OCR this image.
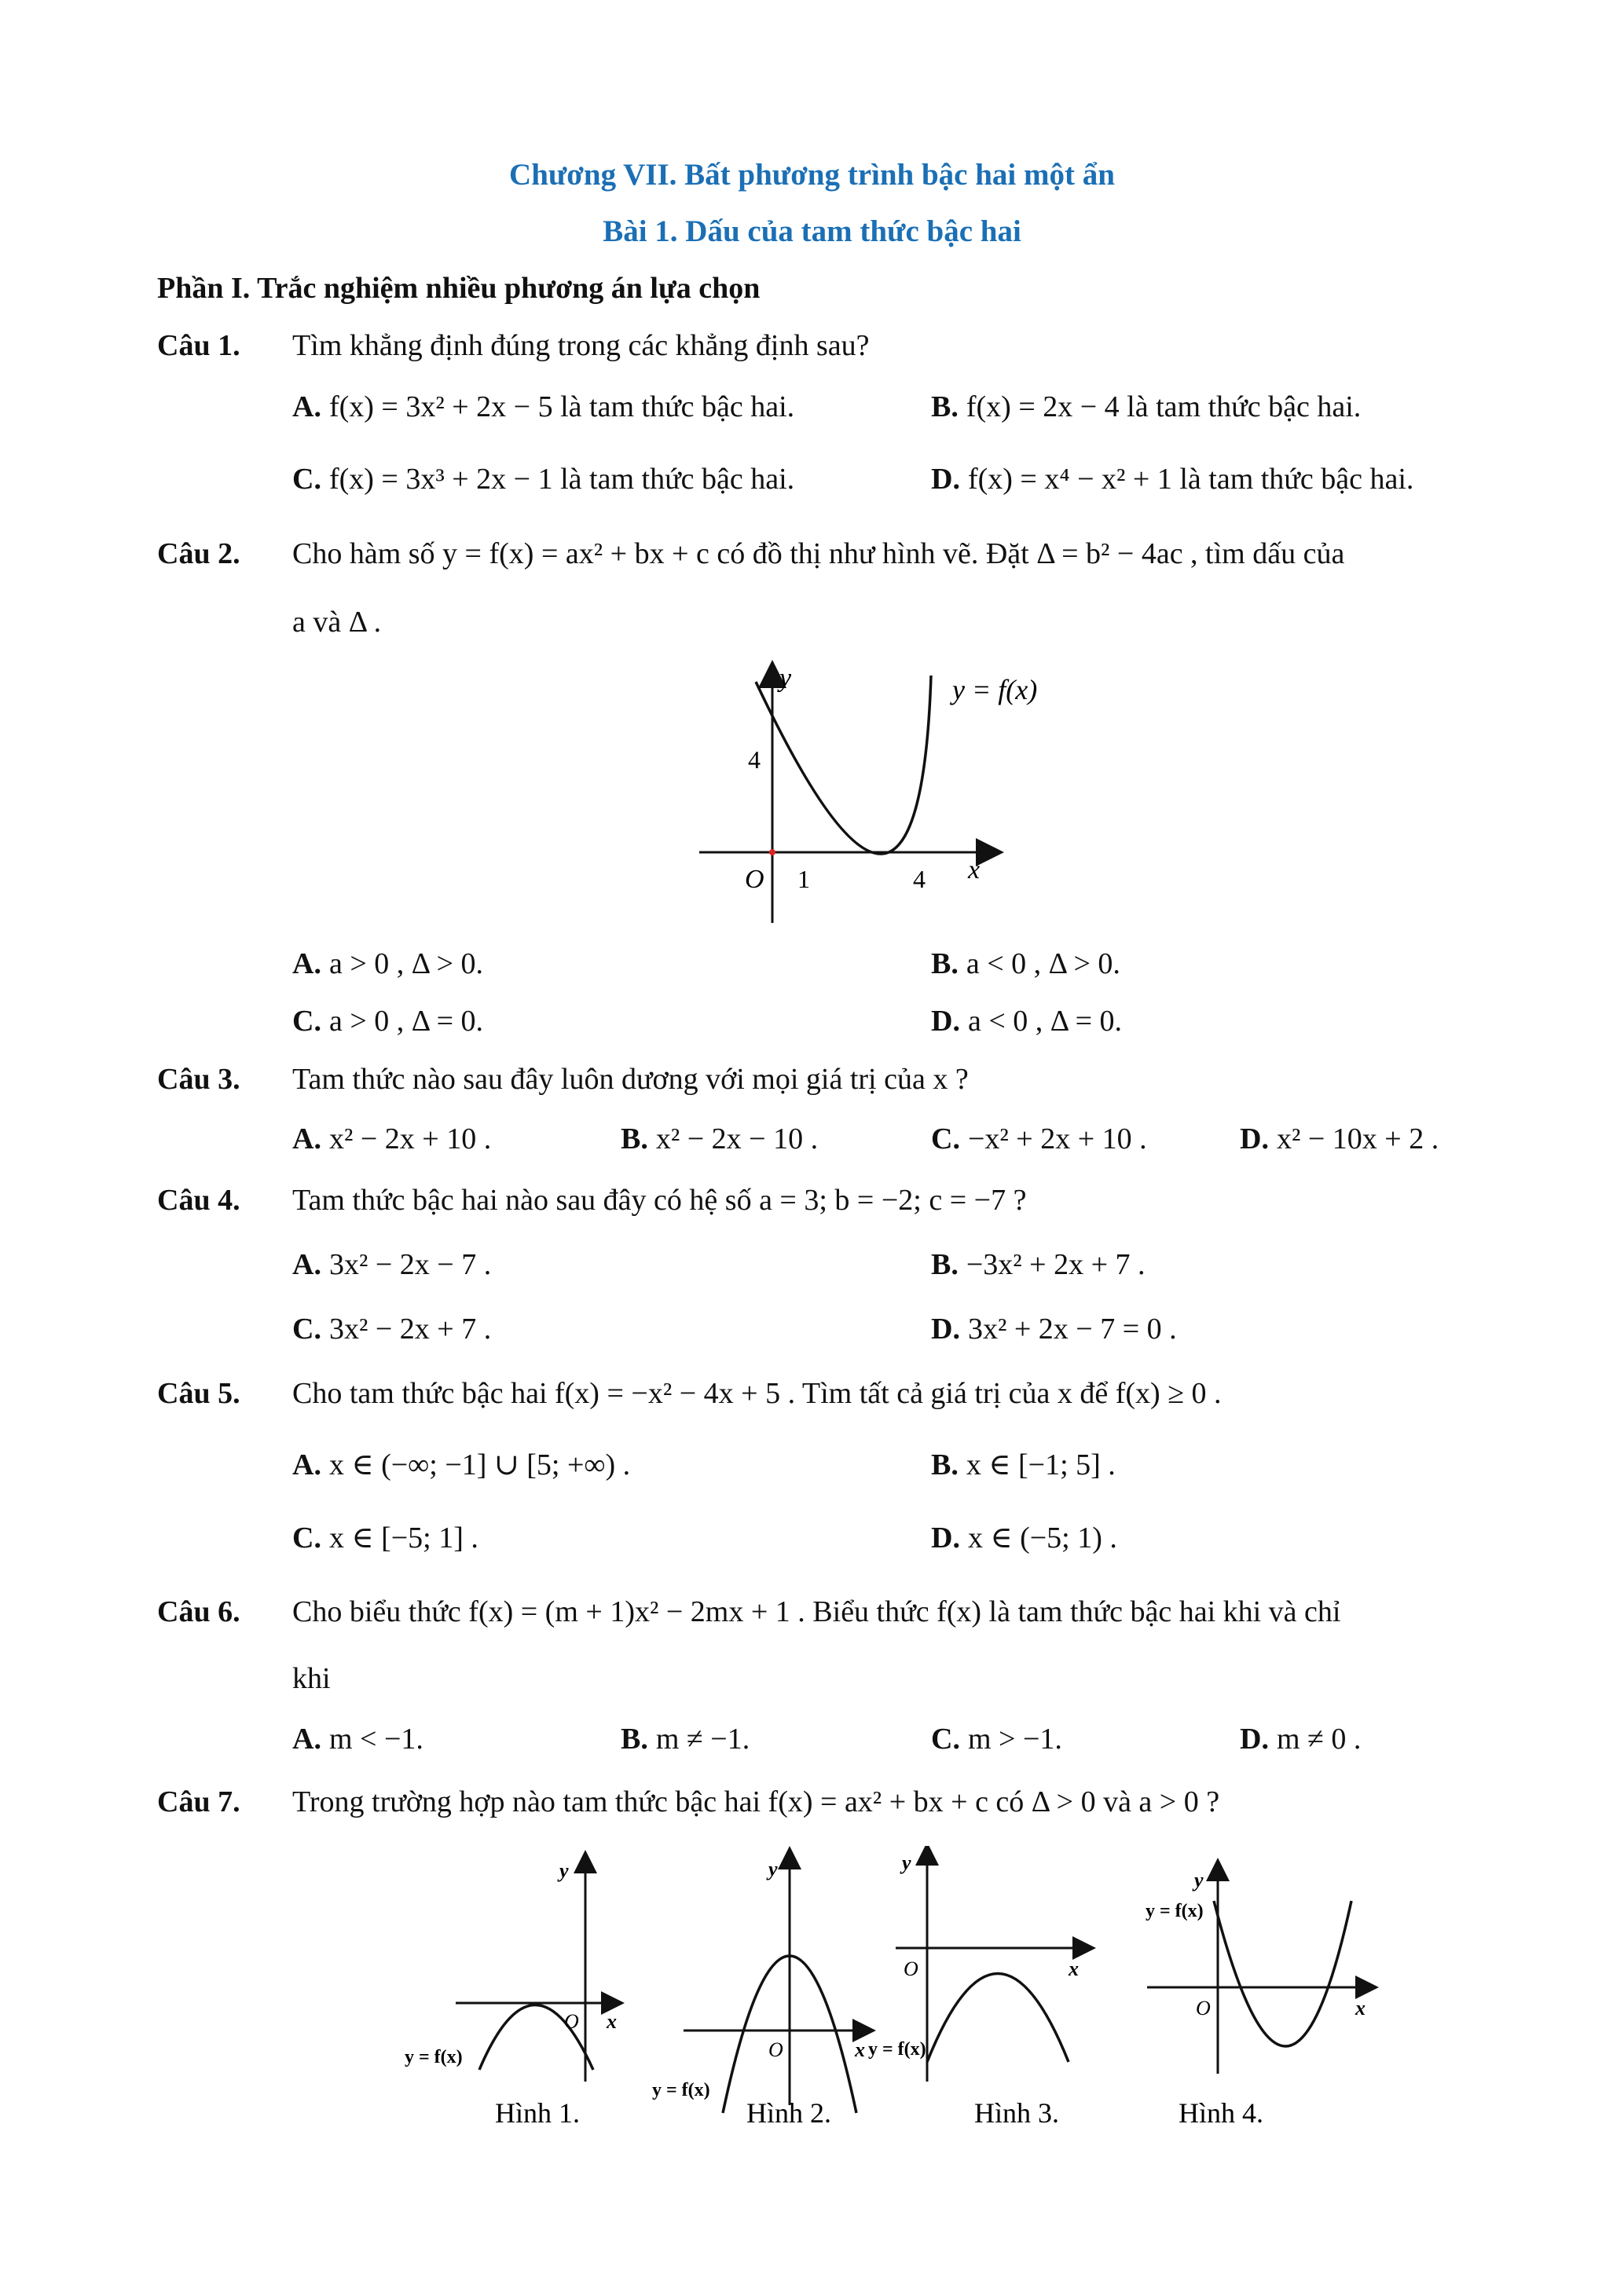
Chương VII. Bất phương trình bậc hai một ẩn
Bài 1. Dấu của tam thức bậc hai
Phần I. Trắc nghiệm nhiều phương án lựa chọn
Câu 1. Tìm khẳng định đúng trong các khẳng định sau?
A. f(x) = 3x² + 2x − 5 là tam thức bậc hai.	B. f(x) = 2x − 4 là tam thức bậc hai.
C. f(x) = 3x³ + 2x − 1 là tam thức bậc hai.	D. f(x) = x⁴ − x² + 1 là tam thức bậc hai.
Câu 2. Cho hàm số y = f(x) = ax² + bx + c có đồ thị như hình vẽ. Đặt Δ = b² − 4ac , tìm dấu của
a và Δ .
y
x
O
4
1	4
y = f(x)
A. a > 0 , Δ > 0.	B. a < 0 , Δ > 0.
C. a > 0 , Δ = 0.	D. a < 0 , Δ = 0.
Câu 3. Tam thức nào sau đây luôn dương với mọi giá trị của x ?
A. x² − 2x + 10 .	B. x² − 2x − 10 .	C. −x² + 2x + 10 .	D. x² − 10x + 2 .
Câu 4. Tam thức bậc hai nào sau đây có hệ số a = 3; b = −2; c = −7 ?
A. 3x² − 2x − 7 .	B. −3x² + 2x + 7 .
C. 3x² − 2x + 7 .	D. 3x² + 2x − 7 = 0 .
Câu 5. Cho tam thức bậc hai f(x) = −x² − 4x + 5 . Tìm tất cả giá trị của x để f(x) ≥ 0 .
A. x ∈ (−∞; −1] ∪ [5; +∞) .	B. x ∈ [−1; 5] .
C. x ∈ [−5; 1] .	D. x ∈ (−5; 1) .
Câu 6. Cho biểu thức f(x) = (m + 1)x² − 2mx + 1 . Biểu thức f(x) là tam thức bậc hai khi và chỉ
khi
A. m < −1.	B. m ≠ −1.	C. m > −1.	D. m ≠ 0 .
Câu 7. Trong trường hợp nào tam thức bậc hai f(x) = ax² + bx + c có Δ > 0 và a > 0 ?
y
x
O
y = f(x)
Hình 1.
y
x
O
y = f(x)
Hình 2.
y
x
O
y = f(x)
Hình 3.
y
x
O
y = f(x)
Hình 4.
